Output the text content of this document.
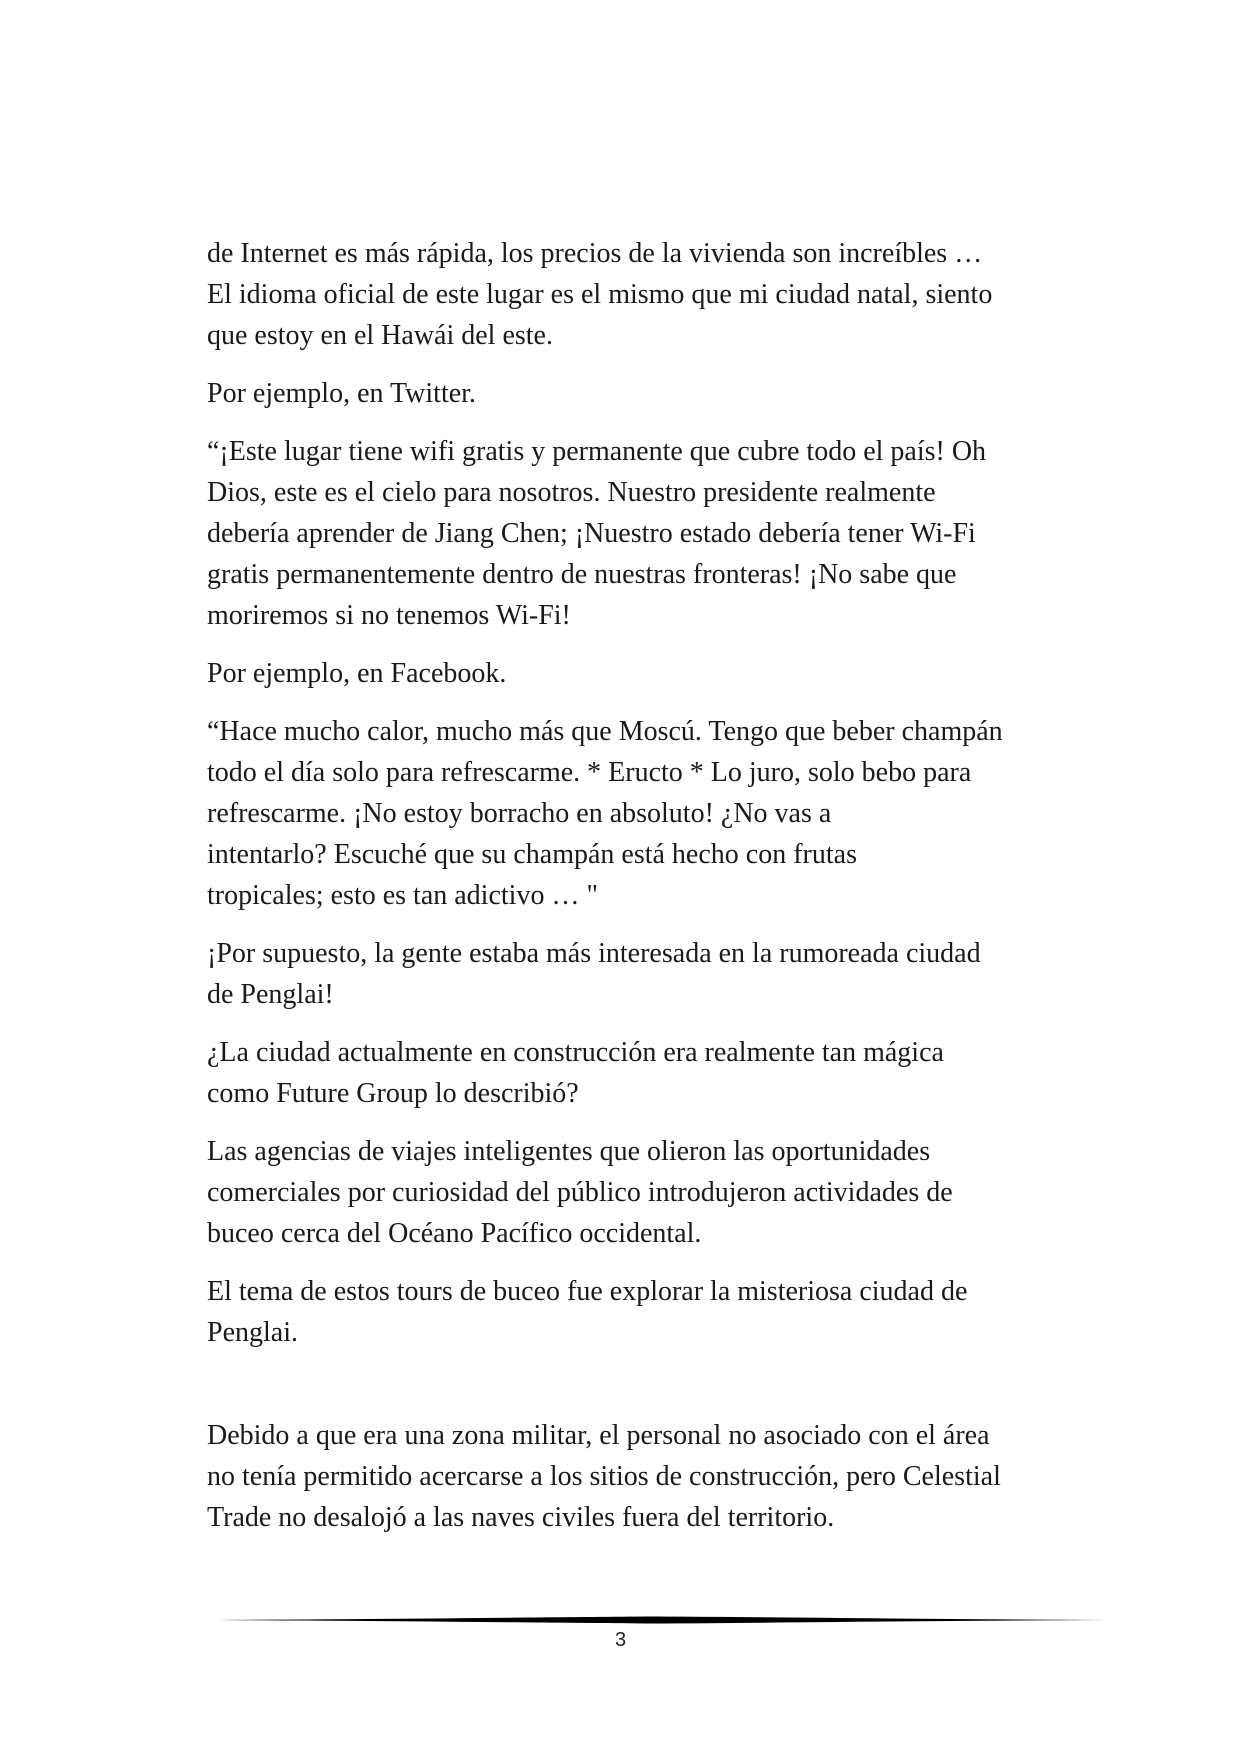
de Internet es más rápida, los precios de la vivienda son increíbles …
El idioma oficial de este lugar es el mismo que mi ciudad natal, siento
que estoy en el Hawái del este.

Por ejemplo, en Twitter.

“¡Este lugar tiene wifi gratis y permanente que cubre todo el país! Oh
Dios, este es el cielo para nosotros. Nuestro presidente realmente
debería aprender de Jiang Chen; ¡Nuestro estado debería tener Wi-Fi
gratis permanentemente dentro de nuestras fronteras! ¡No sabe que
moriremos si no tenemos Wi-Fi!

Por ejemplo, en Facebook.

“Hace mucho calor, mucho más que Moscú. Tengo que beber champán
todo el día solo para refrescarme. * Eructo * Lo juro, solo bebo para
refrescarme. ¡No estoy borracho en absoluto! ¿No vas a
intentarlo? Escuché que su champán está hecho con frutas
tropicales; esto es tan adictivo … "

¡Por supuesto, la gente estaba más interesada en la rumoreada ciudad
de Penglai!

¿La ciudad actualmente en construcción era realmente tan mágica
como Future Group lo describió?

Las agencias de viajes inteligentes que olieron las oportunidades
comerciales por curiosidad del público introdujeron actividades de
buceo cerca del Océano Pacífico occidental.

El tema de estos tours de buceo fue explorar la misteriosa ciudad de
Penglai.

Debido a que era una zona militar, el personal no asociado con el área
no tenía permitido acercarse a los sitios de construcción, pero Celestial
Trade no desalojó a las naves civiles fuera del territorio.

3
